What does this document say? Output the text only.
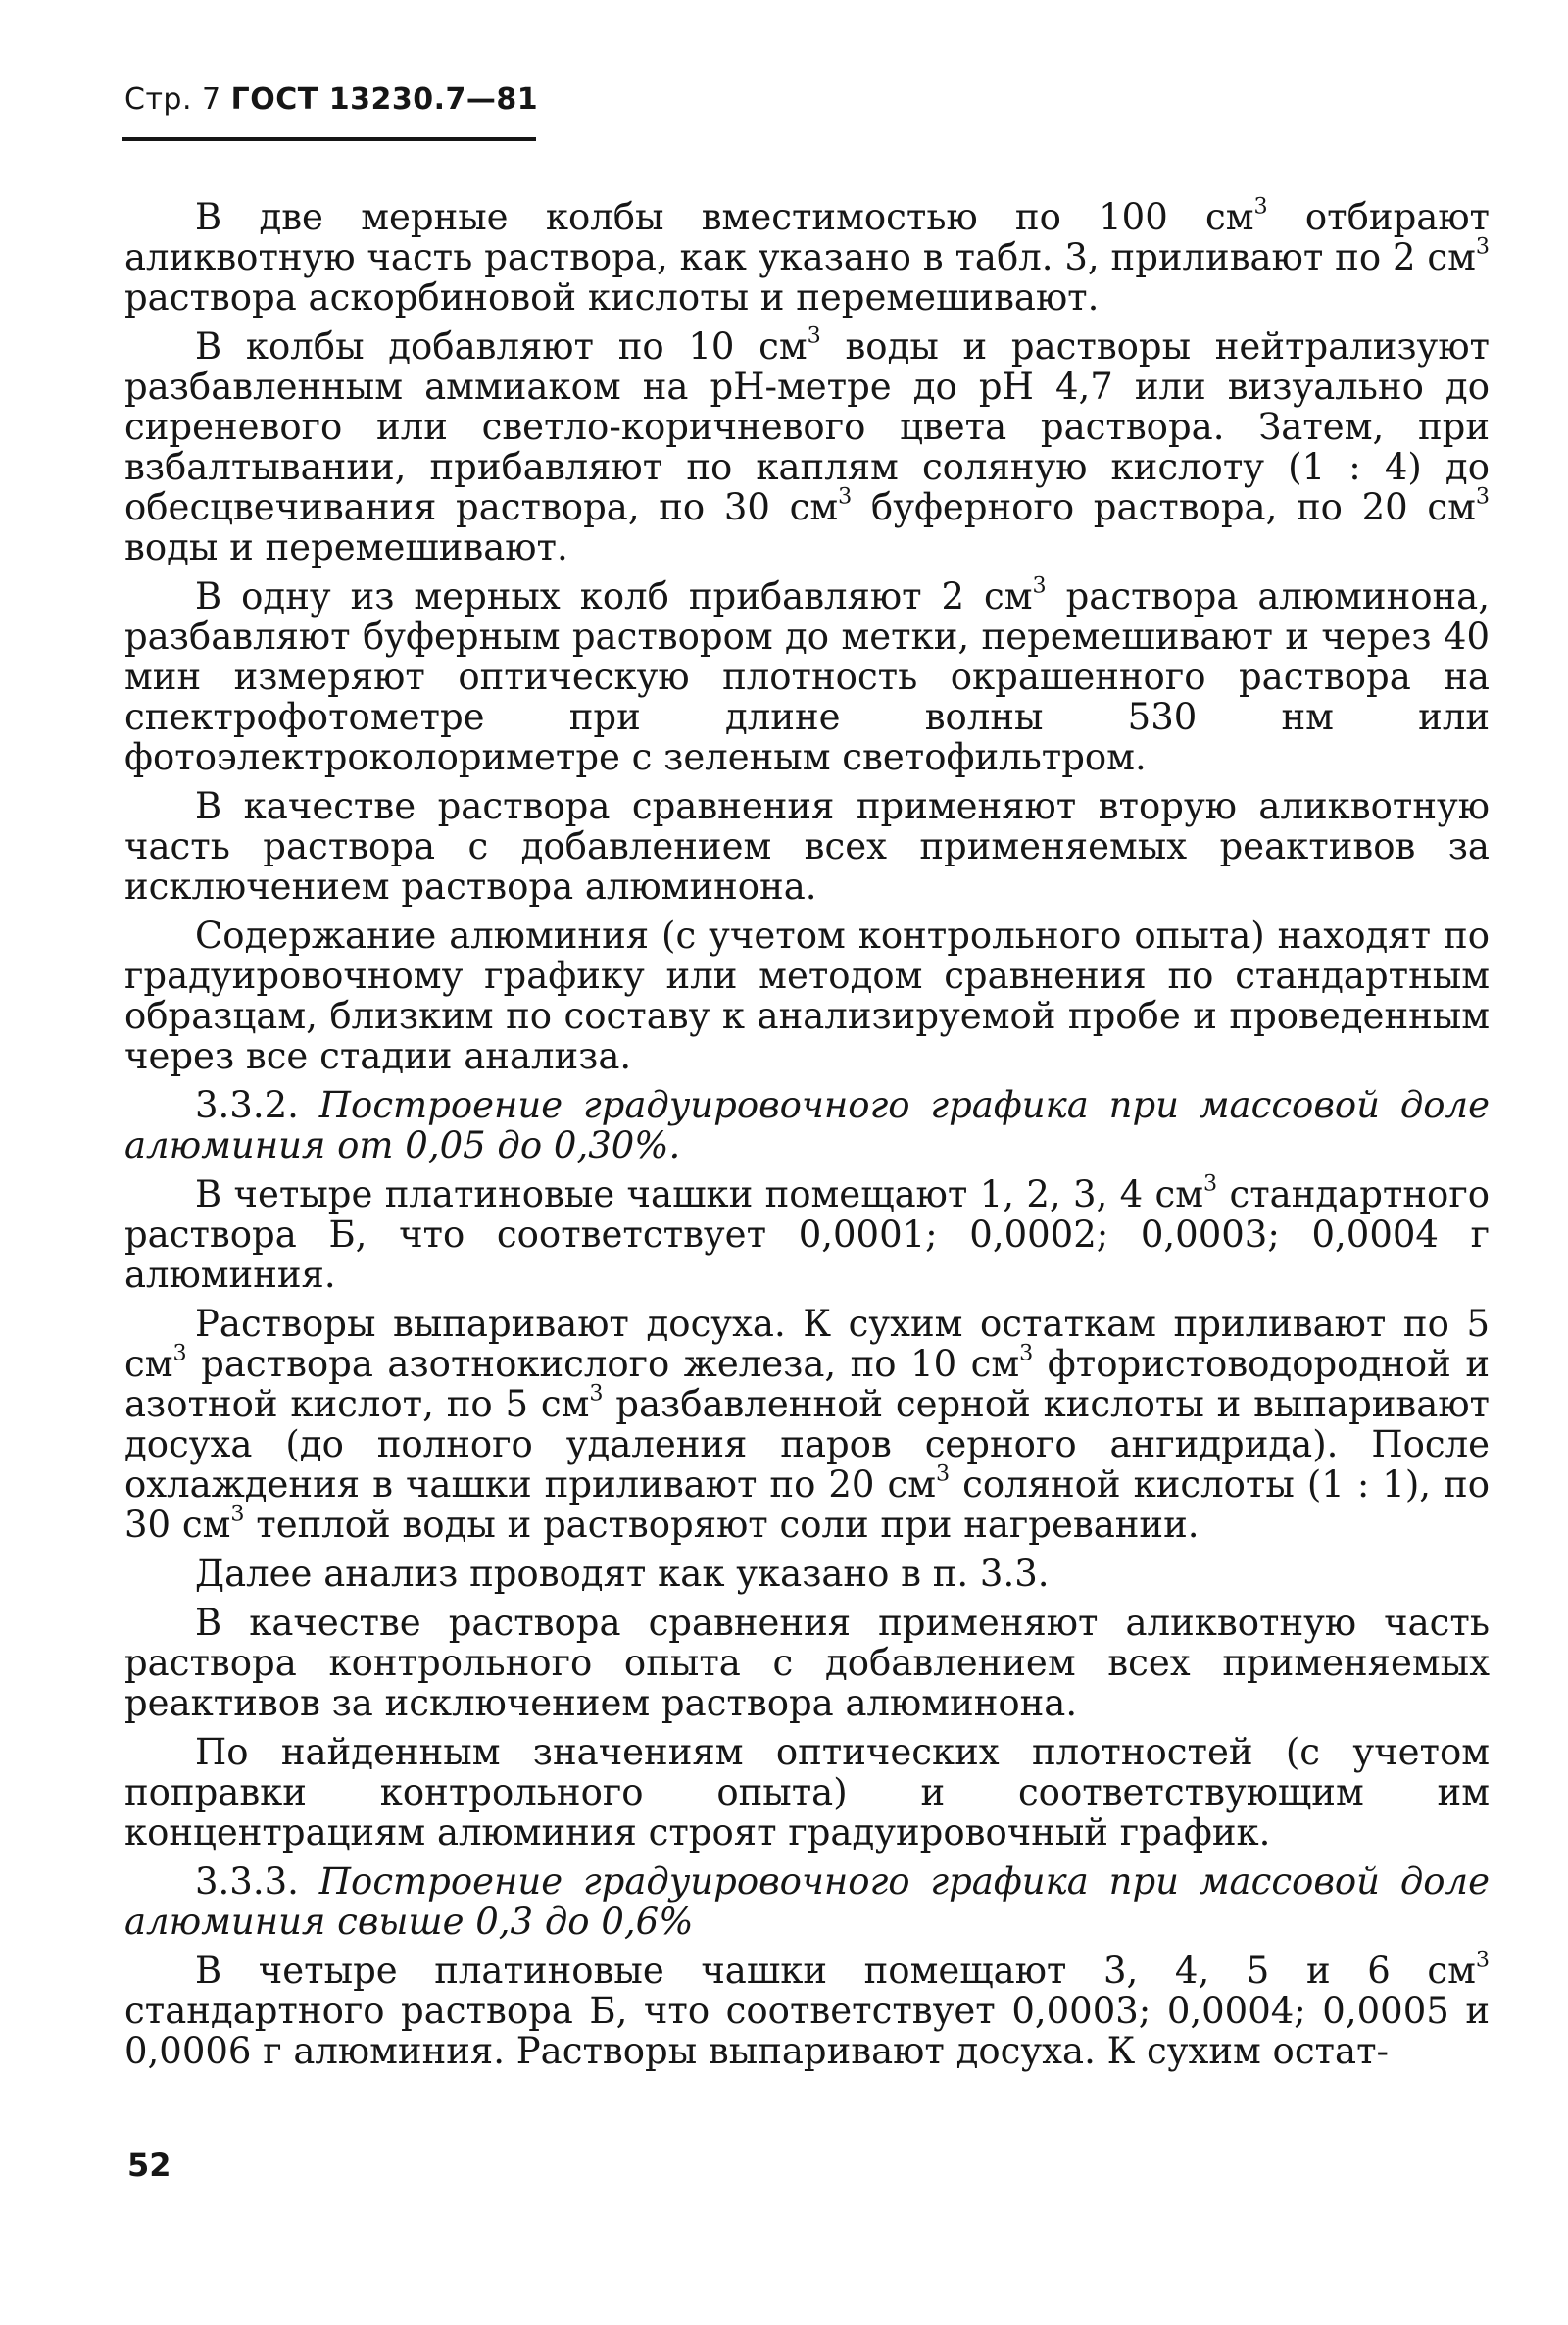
Стр. 7 ГОСТ 13230.7—81

В две мерные колбы вместимостью по 100 $см^3$ отбирают аликвотную часть раствора, как указано в табл. 3, приливают по 2 $см^3$ раствора аскорбиновой кислоты и перемешивают.

В колбы добавляют по 10 $см^3$ воды и растворы нейтрализуют разбавленным аммиаком на рН-метре до рН 4,7 или визуально до сиреневого или светло-коричневого цвета раствора. Затем, при взбалтывании, прибавляют по каплям соляную кислоту (1 : 4) до обесцвечивания раствора, по 30 $см^3$ буферного раствора, по 20 $см^3$ воды и перемешивают.

В одну из мерных колб прибавляют 2 $см^3$ раствора алюминона, разбавляют буферным раствором до метки, перемешивают и через 40 мин измеряют оптическую плотность окрашенного раствора на спектрофотометре при длине волны 530 нм или фотоэлектроколориметре с зеленым светофильтром.

В качестве раствора сравнения применяют вторую аликвотную часть раствора с добавлением всех применяемых реактивов за исключением раствора алюминона.

Содержание алюминия (с учетом контрольного опыта) находят по градуировочному графику или методом сравнения по стандартным образцам, близким по составу к анализируемой пробе и проведенным через все стадии анализа.

3.3.2. Построение градуировочного графика при массовой доле алюминия от 0,05 до 0,30%.

В четыре платиновые чашки помещают 1, 2, 3, 4 $см^3$ стандартного раствора Б, что соответствует 0,0001; 0,0002; 0,0003; 0,0004 г алюминия.

Растворы выпаривают досуха. К сухим остаткам приливают по 5 $см^3$ раствора азотнокислого железа, по 10 $см^3$ фтористоводородной и азотной кислот, по 5 $см^3$ разбавленной серной кислоты и выпаривают досуха (до полного удаления паров серного ангидрида). После охлаждения в чашки приливают по 20 $см^3$ соляной кислоты (1 : 1), по 30 $см^3$ теплой воды и растворяют соли при нагревании.

Далее анализ проводят как указано в п. 3.3.

В качестве раствора сравнения применяют аликвотную часть раствора контрольного опыта с добавлением всех применяемых реактивов за исключением раствора алюминона.

По найденным значениям оптических плотностей (с учетом поправки контрольного опыта) и соответствующим им концентрациям алюминия строят градуировочный график.

3.3.3. Построение градуировочного графика при массовой доле алюминия свыше 0,3 до 0,6%

В четыре платиновые чашки помещают 3, 4, 5 и 6 $см^3$ стандартного раствора Б, что соответствует 0,0003; 0,0004; 0,0005 и 0,0006 г алюминия. Растворы выпаривают досуха. К сухим остат-

52
